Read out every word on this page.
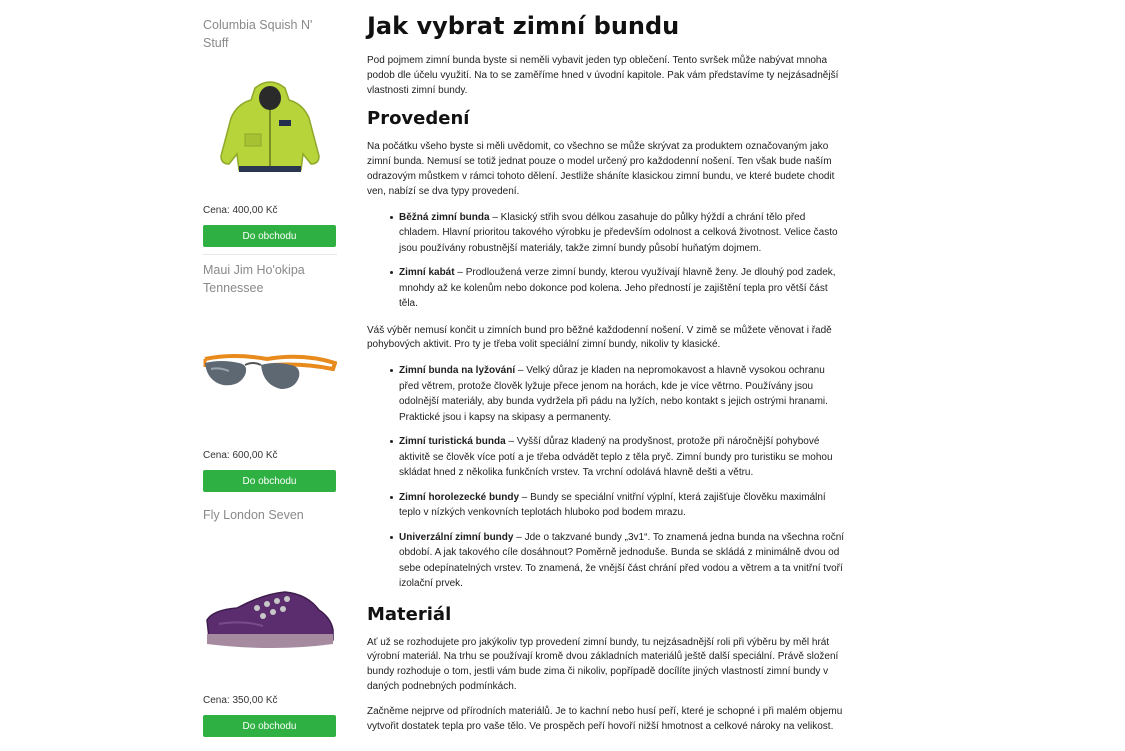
Columbia Squish N' Stuff

Cena: 400,00 Kč
Do obchodu

Maui Jim Ho'okipa Tennessee

Cena: 600,00 Kč
Do obchodu

Fly London Seven

Cena: 350,00 Kč
Do obchodu
Jak vybrat zimní bundu

Pod pojmem zimní bunda byste si neměli vybavit jeden typ oblečení. Tento svršek může nabývat mnoha podob dle účelu využití. Na to se zaměříme hned v úvodní kapitole. Pak vám představíme ty nejzásadnější vlastnosti zimní bundy.

Provedení

Na počátku všeho byste si měli uvědomit, co všechno se může skrývat za produktem označovaným jako zimní bunda. Nemusí se totiž jednat pouze o model určený pro každodenní nošení. Ten však bude naším odrazovým můstkem v rámci tohoto dělení. Jestliže sháníte klasickou zimní bundu, ve které budete chodit ven, nabízí se dva typy provedení.

Běžná zimní bunda – Klasický střih svou délkou zasahuje do půlky hýždí a chrání tělo před chladem. Hlavní prioritou takového výrobku je především odolnost a celková životnost. Velice často jsou používány robustnější materiály, takže zimní bundy působí huňatým dojmem.
Zimní kabát – Prodloužená verze zimní bundy, kterou využívají hlavně ženy. Je dlouhý pod zadek, mnohdy až ke kolenům nebo dokonce pod kolena. Jeho předností je zajištění tepla pro větší část těla.

Váš výběr nemusí končit u zimních bund pro běžné každodenní nošení. V zimě se můžete věnovat i řadě pohybových aktivit. Pro ty je třeba volit speciální zimní bundy, nikoliv ty klasické.

Zimní bunda na lyžování – Velký důraz je kladen na nepromokavost a hlavně vysokou ochranu před větrem, protože člověk lyžuje přece jenom na horách, kde je více větrno. Používány jsou odolnější materiály, aby bunda vydržela při pádu na lyžích, nebo kontakt s jejich ostrými hranami. Praktické jsou i kapsy na skipasy a permanenty.
Zimní turistická bunda – Vyšší důraz kladený na prodyšnost, protože při náročnější pohybové aktivitě se člověk více potí a je třeba odvádět teplo z těla pryč. Zimní bundy pro turistiku se mohou skládat hned z několika funkčních vrstev. Ta vrchní odolává hlavně dešti a větru.
Zimní horolezecké bundy – Bundy se speciální vnitřní výplní, která zajišťuje člověku maximální teplo v nízkých venkovních teplotách hluboko pod bodem mrazu.
Univerzální zimní bundy – Jde o takzvané bundy „3v1“. To znamená jedna bunda na všechna roční období. A jak takového cíle dosáhnout? Poměrně jednoduše. Bunda se skládá z minimálně dvou od sebe odepínatelných vrstev. To znamená, že vnější část chrání před vodou a větrem a ta vnitřní tvoří izolační prvek.
Materiál

Ať už se rozhodujete pro jakýkoliv typ provedení zimní bundy, tu nejzásadnější roli při výběru by měl hrát výrobní materiál. Na trhu se používají kromě dvou základních materiálů ještě další speciální. Právě složení bundy rozhoduje o tom, jestli vám bude zima či nikoliv, popřípadě docílíte jiných vlastností zimní bundy v daných podnebných podmínkách.

Začněme nejprve od přírodních materiálů. Je to kachní nebo husí peří, které je schopné i při malém objemu vytvořit dostatek tepla pro vaše tělo. Ve prospěch peří hovoří nižší hmotnost a celkové nároky na velikost.
